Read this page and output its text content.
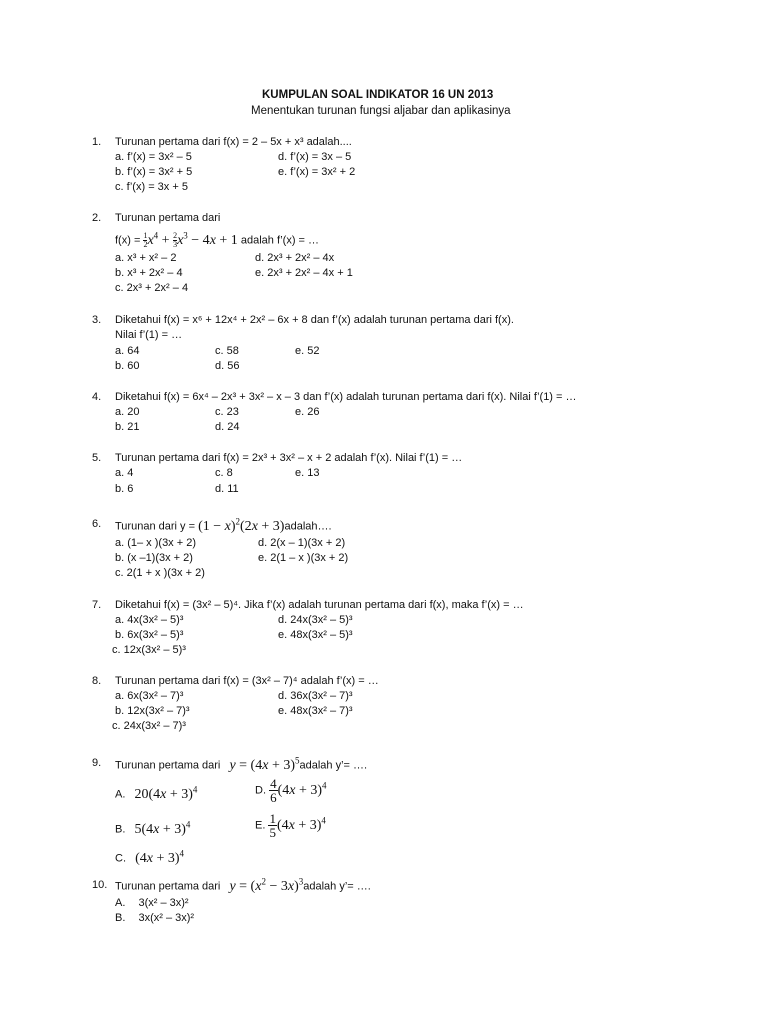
KUMPULAN SOAL INDIKATOR 16 UN 2013
Menentukan turunan fungsi aljabar dan aplikasinya
1. Turunan pertama dari f(x) = 2 – 5x + x³ adalah....
a. f’(x) = 3x² – 5
b. f’(x) = 3x² + 5
c. f’(x) = 3x + 5
d. f’(x) = 3x – 5
e. f’(x) = 3x² + 2
2. Turunan pertama dari
$f(x) = \frac{1}{2} x^4 + \frac{2}{3} x^3 - 4x + 1$ adalah f’(x) = …
a. x³ + x² – 2
b. x³ + 2x² – 4
c. 2x³ + 2x² – 4
d. 2x³ + 2x² – 4x
e. 2x³ + 2x² – 4x + 1
3. Diketahui f(x) = x⁶ + 12x⁴ + 2x² – 6x + 8 dan f’(x) adalah turunan pertama dari f(x).
Nilai f’(1) = …
a. 64
b. 60
c. 58
d. 56
e. 52
4. Diketahui f(x) = 6x⁴ – 2x³ + 3x² – x – 3 dan f’(x) adalah turunan pertama dari f(x). Nilai f’(1) = …
a. 20
b. 21
c. 23
d. 24
e. 26
5. Turunan pertama dari f(x) = 2x³ + 3x² – x + 2 adalah f’(x). Nilai f’(1) = …
a. 4
b. 6
c. 8
d. 11
e. 13
6. Turunan dari $y = (1 - x)^2(2x$ + 3)adalah….
a. (1– x )(3x + 2)
b. (x –1)(3x + 2)
c. 2(1 + x )(3x + 2)
d. 2(x – 1)(3x + 2)
e. 2(1 – x )(3x + 2)
7. Diketahui f(x) = (3x² – 5)⁴. Jika f’(x) adalah turunan pertama dari f(x), maka f’(x) = …
a. 4x(3x² – 5)³
b. 6x(3x² – 5)³
c. 12x(3x² – 5)³
d. 24x(3x² – 5)³
e. 48x(3x² – 5)³
8. Turunan pertama dari f(x) = (3x² – 7)⁴ adalah f’(x) = …
a. 6x(3x² – 7)³
b. 12x(3x² – 7)³
c. 24x(3x² – 7)³
d. 36x(3x² – 7)³
e. 48x(3x² – 7)³
9. Turunan pertama dari $y = (4x + 3)^5adalah$ y’= ….
A. $20(4x + 3)^4$	D. $\frac{4}{6} (4x + 3)^4$
B. $5(4x + 3)^4$	E. $\frac{1}{5} (4x + 3)^4$
C. $(4x + 3)^4$
10. Turunan pertama dari $y = (x^2$ − $3x)^3adalah$ y’= ….
A. 3(x² – 3x)²
B. 3x(x² – 3x)²
